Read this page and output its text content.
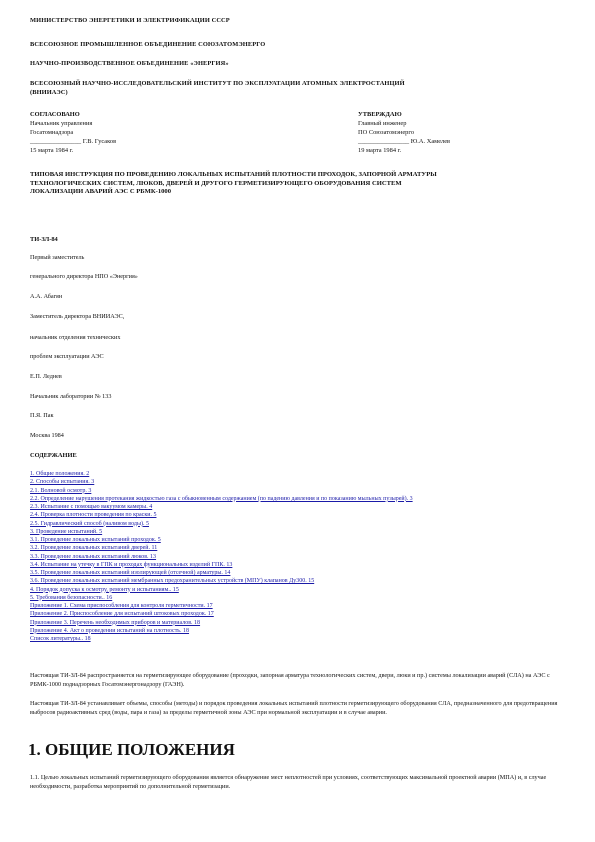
МИНИСТЕРСТВО ЭНЕРГЕТИКИ И ЭЛЕКТРИФИКАЦИИ СССР
ВСЕСОЮЗНОЕ ПРОМЫШЛЕННОЕ ОБЪЕДИНЕНИЕ СОЮЗАТОМЭНЕРГО
НАУЧНО-ПРОИЗВОДСТВЕННОЕ ОБЪЕДИНЕНИЕ «ЭНЕРГИЯ»
ВСЕСОЮЗНЫЙ НАУЧНО-ИССЛЕДОВАТЕЛЬСКИЙ ИНСТИТУТ ПО ЭКСПЛУАТАЦИИ АТОМНЫХ ЭЛЕКТРОСТАНЦИЙ
(ВНИИАЭС)
СОГЛАСОВАНО
Начальник управления
Госатомнадзора
________________ Г.В. Гусаков
15 марта 1984 г.
УТВЕРЖДАЮ
Главный инженер
ПО Союзатомэнерго
________________ Ю.А. Хамелев
19 марта 1984 г.
ТИПОВАЯ ИНСТРУКЦИЯ ПО ПРОВЕДЕНИЮ ЛОКАЛЬНЫХ ИСПЫТАНИЙ ПЛОТНОСТИ ПРОХОДОК, ЗАПОРНОЙ АРМАТУРЫ ТЕХНОЛОГИЧЕСКИХ СИСТЕМ, ЛЮКОВ, ДВЕРЕЙ И ДРУГОГО ГЕРМЕТИЗИРУЮЩЕГО ОБОРУДОВАНИЯ СИСТЕМ ЛОКАЛИЗАЦИИ АВАРИЙ АЭС С РБМК-1000
ТИ-ЗЛ-84
Первый заместитель
генерального директора НПО «Энергия»
А.А. Абагян
Заместитель директора ВНИИАЭС,
начальник отделения технических
проблем эксплуатации АЭС
Е.П. Леднев
Начальник лаборатории № 133
П.Я. Пак
Москва 1984
СОДЕРЖАНИЕ
1. Общие положения. 2
2. Способы испытания. 3
2.1. Волновой осмотр. 3
2.2. Определение нарушения протекания жидкостью газа с обыкновенным содержанием (по падению давления и по показанию мыльных пузырей). 3
2.3. Испытание с помощью вакуумом камеры. 4
2.4. Проверка плотности проведения по краски. 5
2.5. Гидравлический способ (наливом воды). 5
3. Проведение испытаний. 5
3.1. Проведение локальных испытаний проходок. 5
3.2. Проведение локальных испытаний дверей. 11
3.3. Проведение локальных испытаний люков. 13
3.4. Испытание на утечку в ГПК и проходах функциональных изделий ГПК. 13
3.5. Проведение локальных испытаний изолирующей (отсечной) арматуры. 14
3.6. Проведение локальных испытаний мембранных предохранительных устройств (МПУ) клапанов Ду300. 15
4. Порядок допуска к осмотру, ремонту и испытаниям.. 15
5. Требования безопасности.. 16
Приложение 1. Схема приспособления для контроля герметичности. 17
Приложение 2. Приспособление для испытаний штоковых проходок. 17
Приложение 3. Перечень необходимых приборов и материалов. 18
Приложение 4. Акт о проведении испытаний на плотность. 18
Список литературы.. 18
Настоящая ТИ-ЗЛ-84 распространяется на герметизирующее оборудование (проходки, запорная арматура технологических систем, двери, люки и пр.) системы локализации аварий (СЛА) на АЭС с РБМК-1000 поднадзорных Госатомэнергонадзору (ГАЭН).
Настоящая ТИ-ЗЛ-84 устанавливает объемы, способы (методы) и порядок проведения локальных испытаний плотности герметизирующего оборудования СЛА, предназначенного для предотвращения выбросов радиоактивных сред (воды, пара и газа) за пределы герметичной зоны АЭС при нормальной эксплуатации и в случае аварии.
1. ОБЩИЕ ПОЛОЖЕНИЯ
1.1. Целью локальных испытаний герметизирующего оборудования является обнаружение мест неплотностей при условиях, соответствующих максимальной проектной аварии (МПА) и, в случае необходимости, разработка мероприятий по дополнительной герметизации.
